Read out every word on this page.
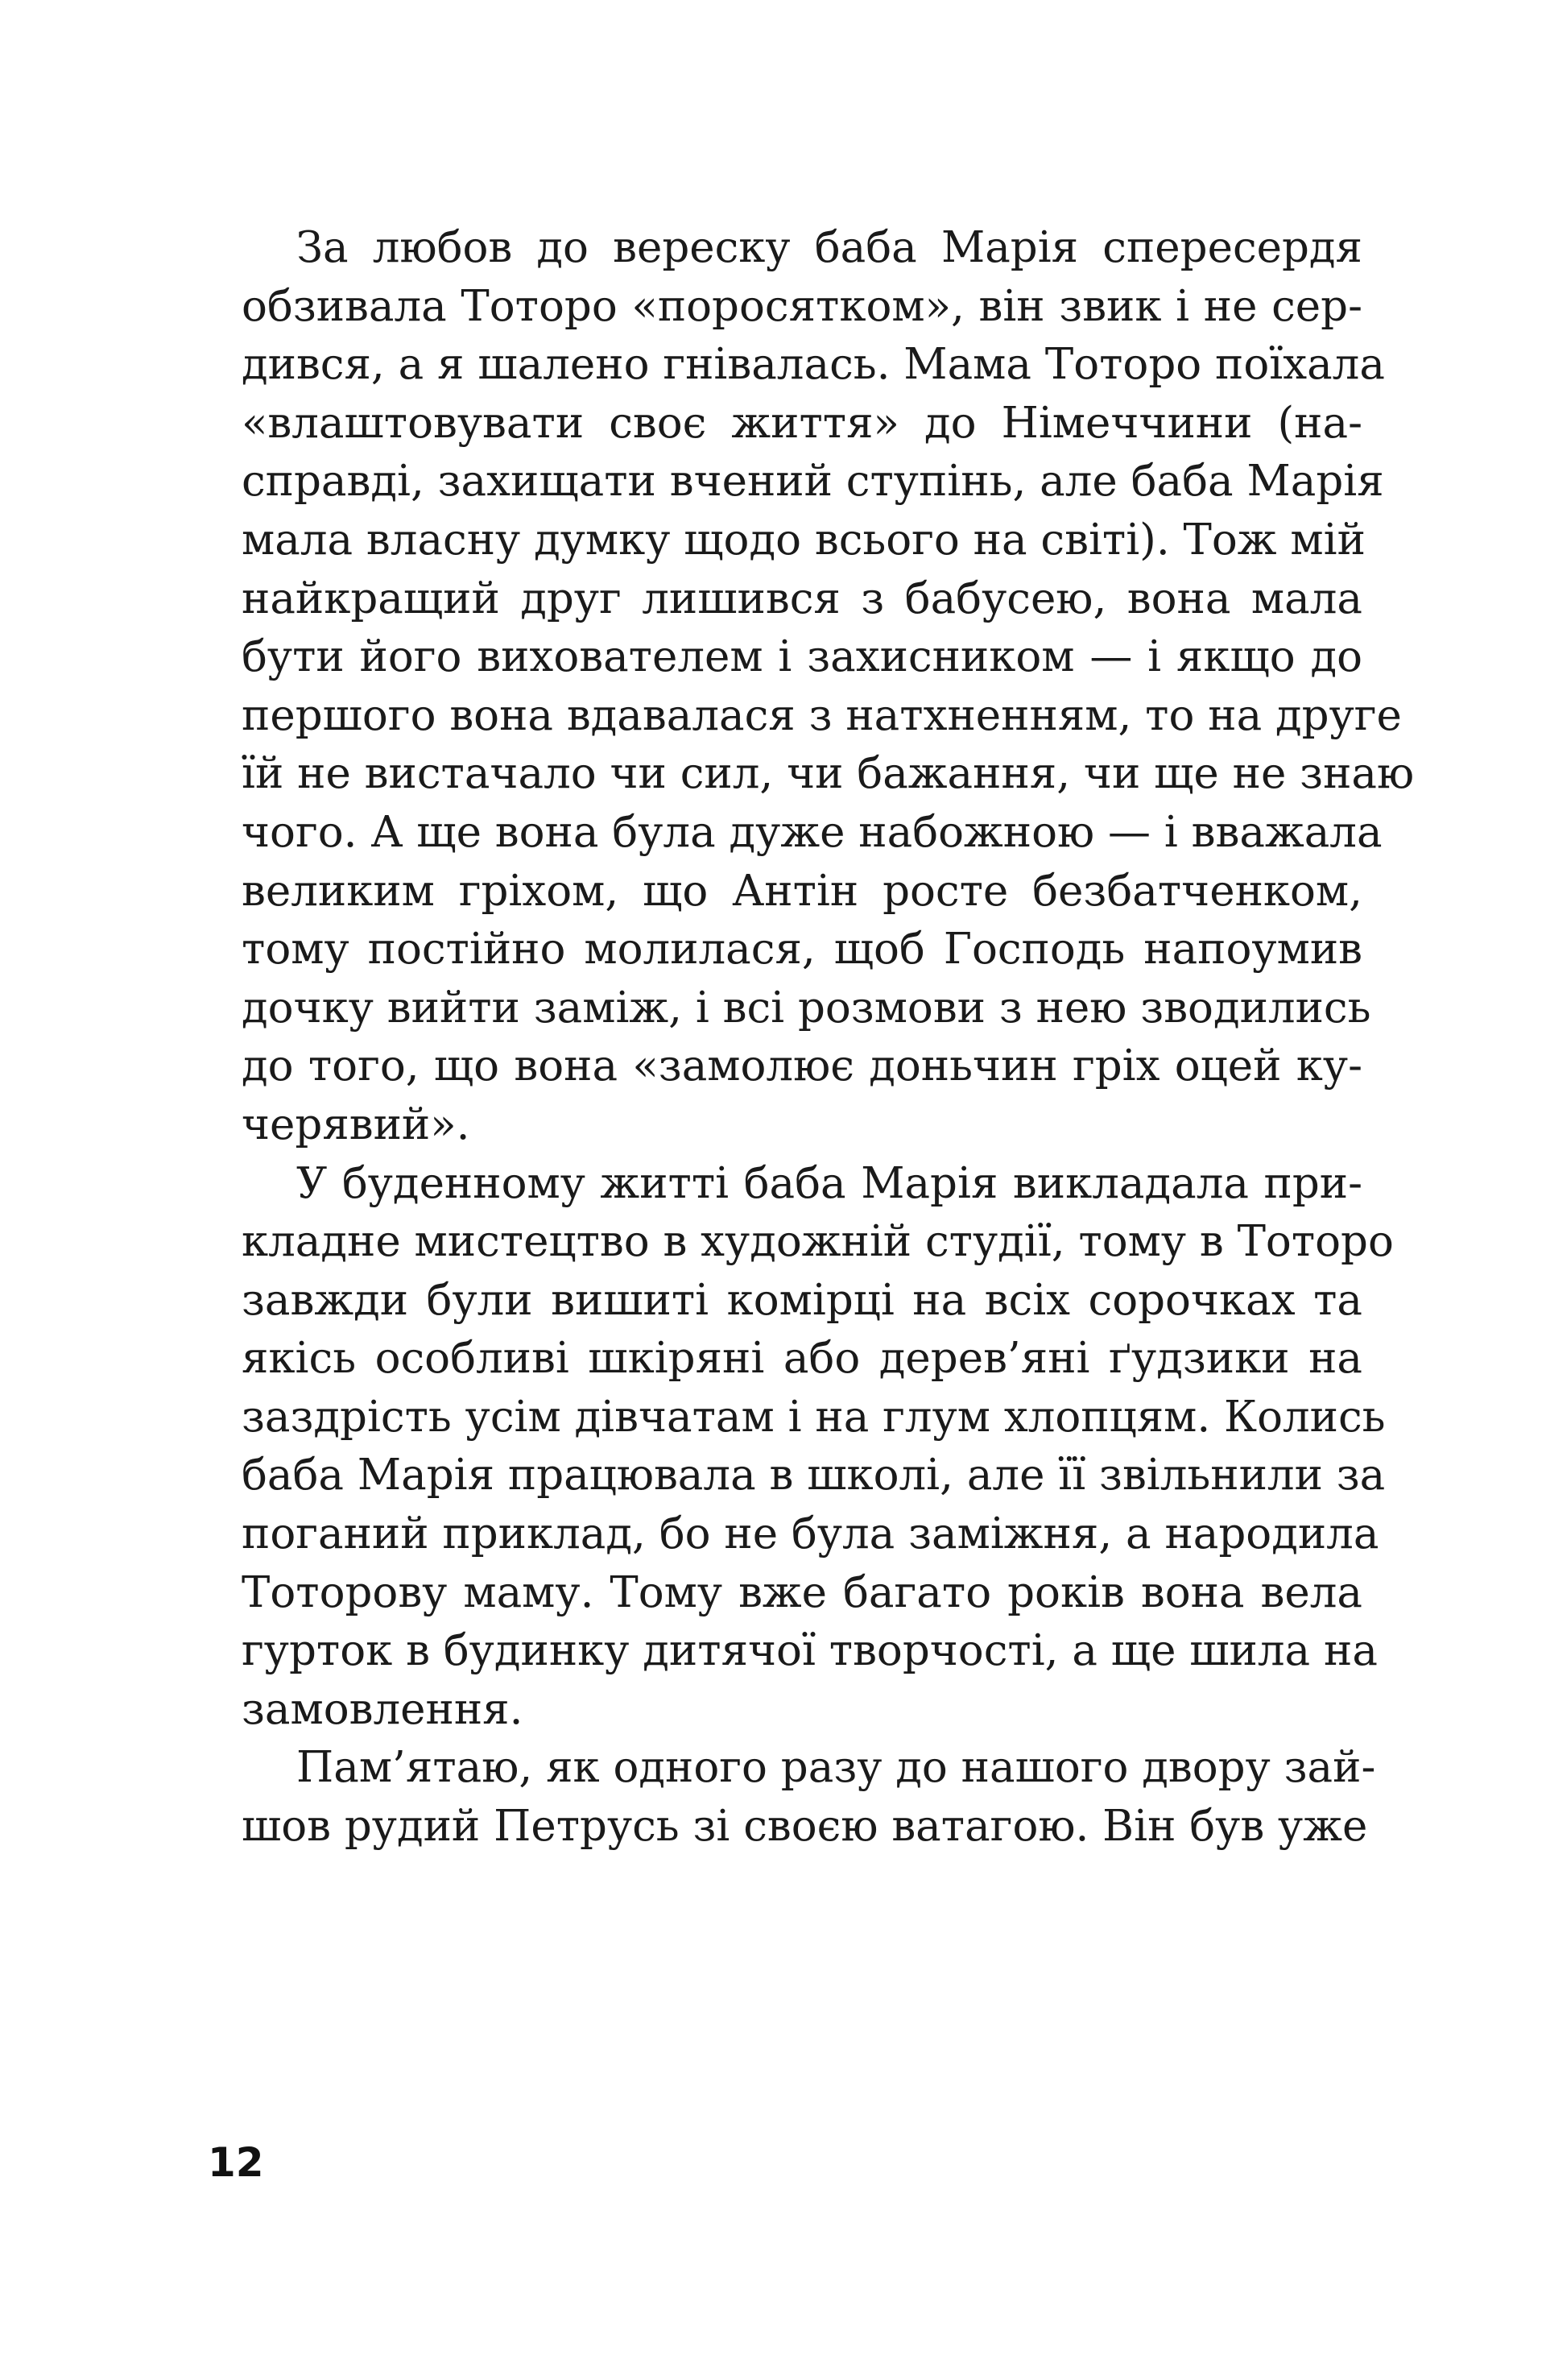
За любов до вереску баба Марія спересердя
обзивала Тоторо «поросятком», він звик і не сер-
дився, а я шалено гнівалась. Мама Тоторо поїхала
«влаштовувати своє життя» до Німеччини (на-
справді, захищати вчений ступінь, але баба Марія
мала власну думку щодо всього на світі). Тож мій
найкращий друг лишився з бабусею, вона мала
бути його вихователем і захисником — і якщо до
першого вона вдавалася з натхненням, то на друге
їй не вистачало чи сил, чи бажання, чи ще не знаю
чого. А ще вона була дуже набожною — і вважала
великим гріхом, що Антін росте безбатченком,
тому постійно молилася, щоб Господь напоумив
дочку вийти заміж, і всі розмови з нею зводились
до того, що вона «замолює доньчин гріх оцей ку-
черявий».
У буденному житті баба Марія викладала при-
кладне мистецтво в художній студії, тому в Тоторо
завжди були вишиті комірці на всіх сорочках та
якісь особливі шкіряні або дерев’яні ґудзики на
заздрість усім дівчатам і на глум хлопцям. Колись
баба Марія працювала в школі, але її звільнили за
поганий приклад, бо не була заміжня, а народила
Тоторову маму. Тому вже багато років вона вела
гурток в будинку дитячої творчості, а ще шила на
замовлення.
Пам’ятаю, як одного разу до нашого двору зай-
шов рудий Петрусь зі своєю ватагою. Він був уже
12
